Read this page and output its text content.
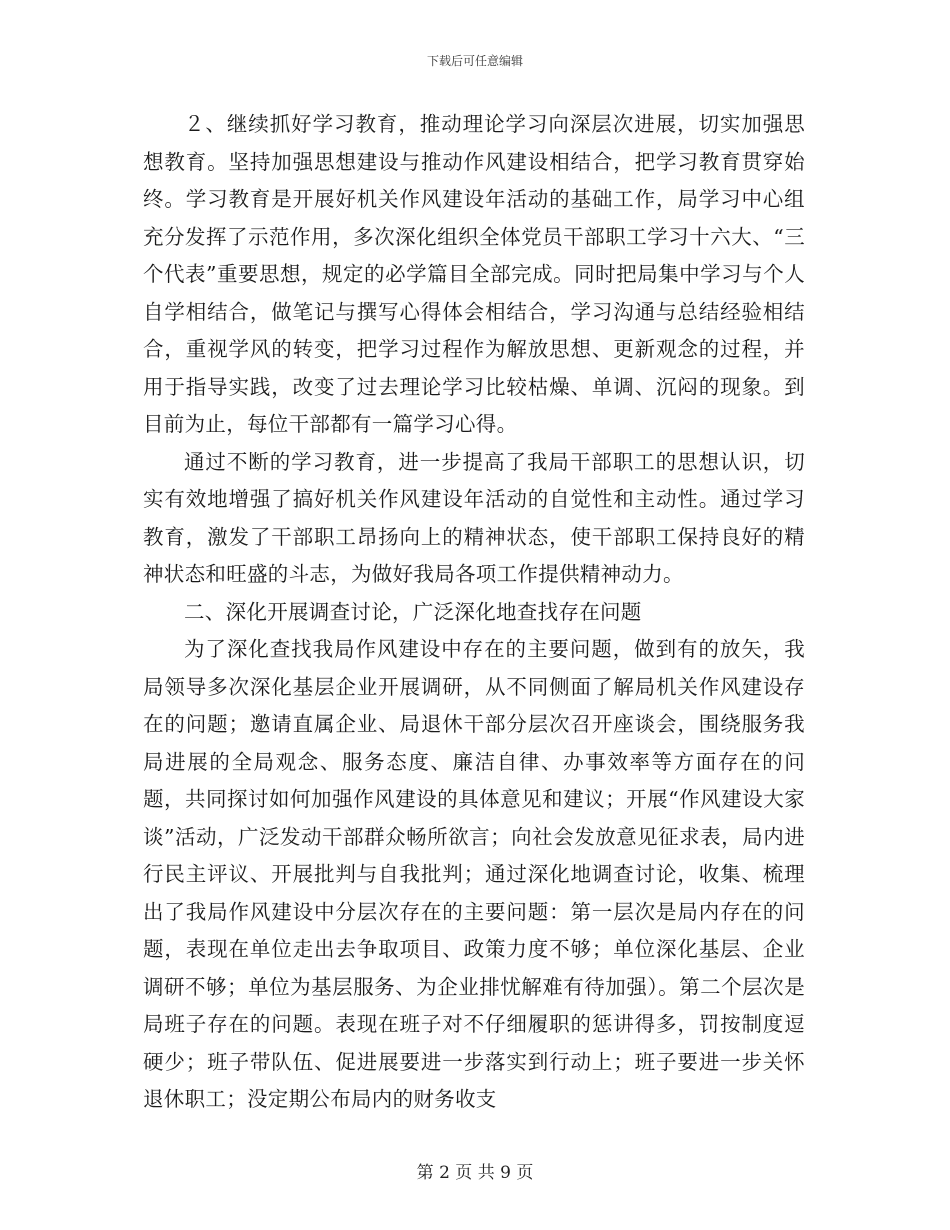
下载后可任意编辑

２、继续抓好学习教育，推动理论学习向深层次进展，切实加强思想教育。坚持加强思想建设与推动作风建设相结合，把学习教育贯穿始终。学习教育是开展好机关作风建设年活动的基础工作，局学习中心组充分发挥了示范作用，多次深化组织全体党员干部职工学习十六大、“三个代表”重要思想，规定的必学篇目全部完成。同时把局集中学习与个人自学相结合，做笔记与撰写心得体会相结合，学习沟通与总结经验相结合，重视学风的转变，把学习过程作为解放思想、更新观念的过程，并用于指导实践，改变了过去理论学习比较枯燥、单调、沉闷的现象。到目前为止，每位干部都有一篇学习心得。

通过不断的学习教育，进一步提高了我局干部职工的思想认识，切实有效地增强了搞好机关作风建设年活动的自觉性和主动性。通过学习教育，激发了干部职工昂扬向上的精神状态，使干部职工保持良好的精神状态和旺盛的斗志，为做好我局各项工作提供精神动力。

二、深化开展调查讨论，广泛深化地查找存在问题

为了深化查找我局作风建设中存在的主要问题，做到有的放矢，我局领导多次深化基层企业开展调研，从不同侧面了解局机关作风建设存在的问题；邀请直属企业、局退休干部分层次召开座谈会，围绕服务我局进展的全局观念、服务态度、廉洁自律、办事效率等方面存在的问题，共同探讨如何加强作风建设的具体意见和建议；开展“作风建设大家谈”活动，广泛发动干部群众畅所欲言；向社会发放意见征求表，局内进行民主评议、开展批判与自我批判；通过深化地调查讨论，收集、梳理出了我局作风建设中分层次存在的主要问题：第一层次是局内存在的问题，表现在单位走出去争取项目、政策力度不够；单位深化基层、企业调研不够；单位为基层服务、为企业排忧解难有待加强）。第二个层次是局班子存在的问题。表现在班子对不仔细履职的惩讲得多，罚按制度逗硬少；班子带队伍、促进展要进一步落实到行动上；班子要进一步关怀退休职工；没定期公布局内的财务收支

第 2 页 共 9 页
